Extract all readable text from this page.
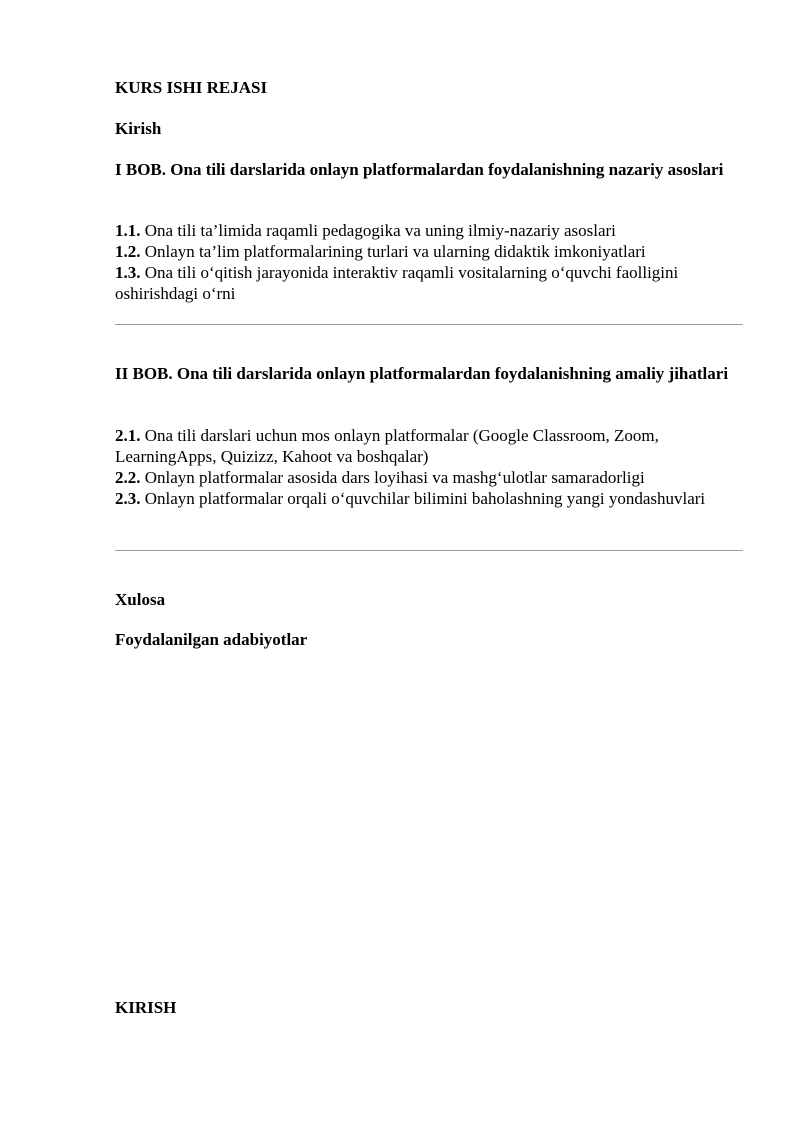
KURS ISHI REJASI
Kirish
I BOB. Ona tili darslarida onlayn platformalardan foydalanishning nazariy asoslari

1.1. Ona tili ta’limida raqamli pedagogika va uning ilmiy-nazariy asoslari

1.2. Onlayn ta’lim platformalarining turlari va ularning didaktik imkoniyatlari

1.3. Ona tili o‘qitish jarayonida interaktiv raqamli vositalarning o‘quvchi faolligini oshirishdagi o‘rni

II BOB. Ona tili darslarida onlayn platformalardan foydalanishning amaliy jihatlari

2.1. Ona tili darslari uchun mos onlayn platformalar (Google Classroom, Zoom, LearningApps, Quizizz, Kahoot va boshqalar)

2.2. Onlayn platformalar asosida dars loyihasi va mashg‘ulotlar samaradorligi

2.3. Onlayn platformalar orqali o‘quvchilar bilimini baholashning yangi yondashuvlari

Xulosa
Foydalanilgan adabiyotlar
KIRISH
